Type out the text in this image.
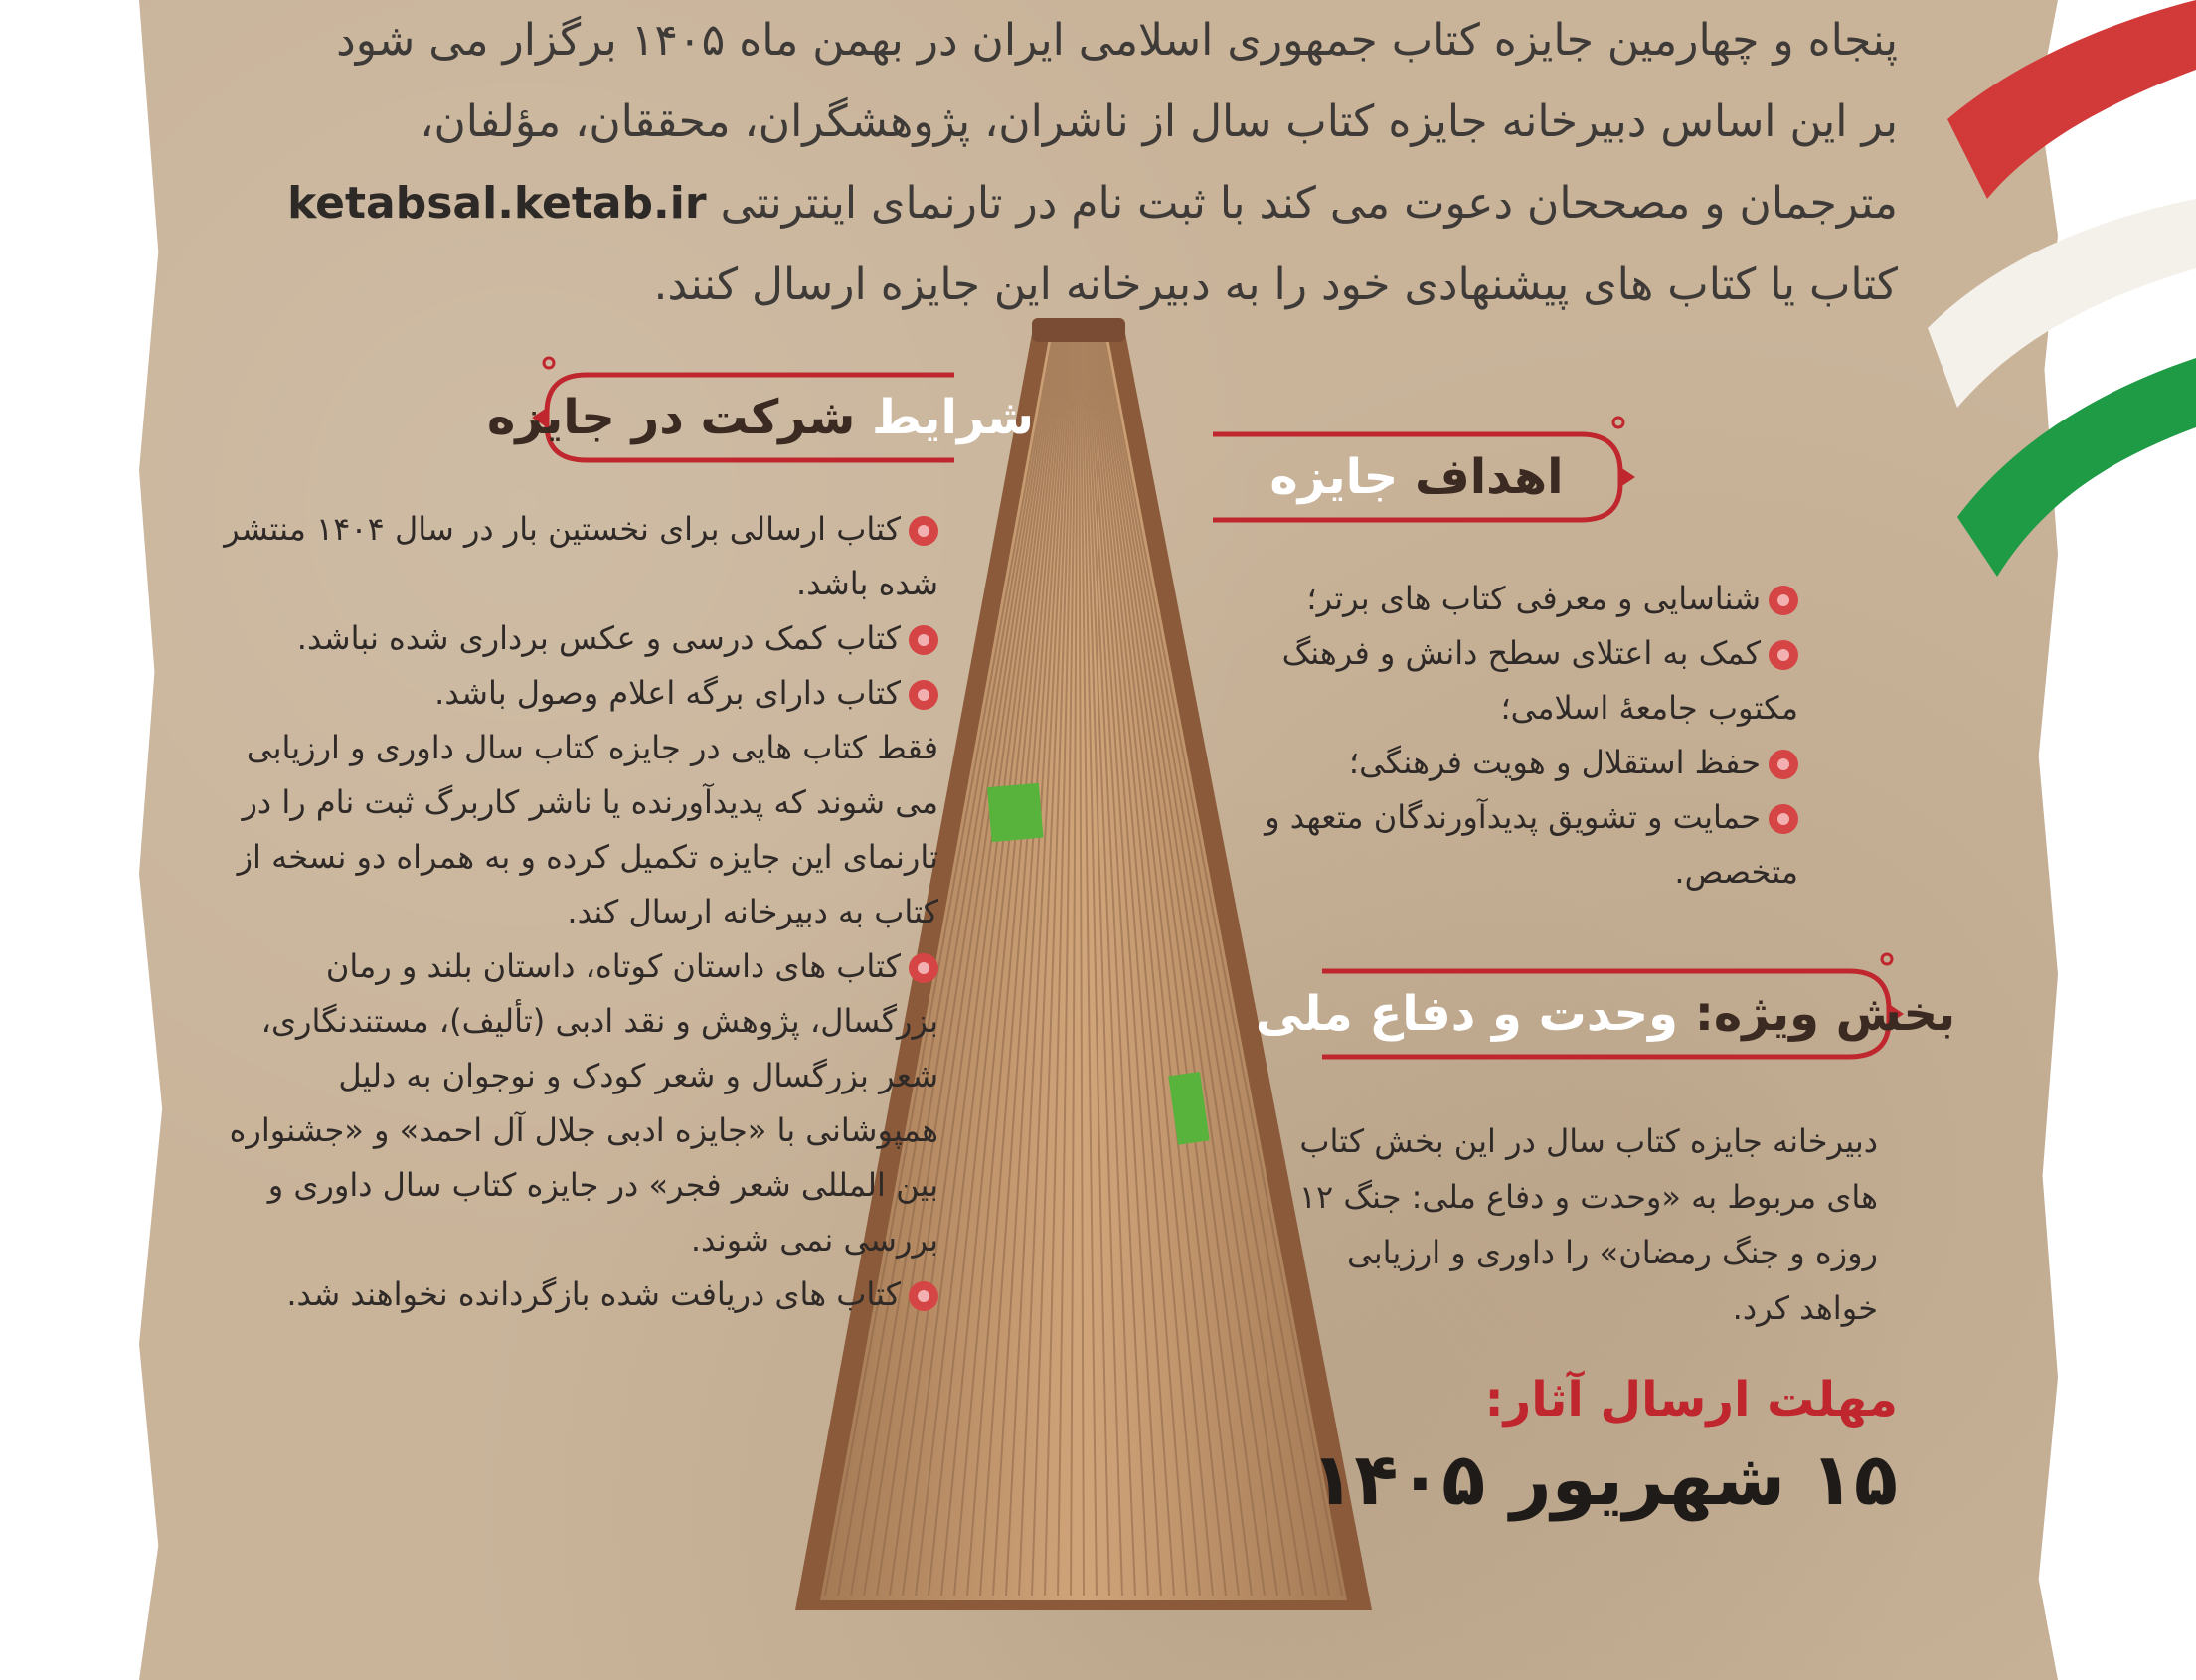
پنجاه و چهارمین جایزه کتاب جمهوری اسلامی ایران در بهمن ماه ۱۴۰۵ برگزار می شود

بر این اساس دبیرخانه جایزه کتاب سال از ناشران، پژوهشگران، محققان، مؤلفان،

مترجمان و مصححان دعوت می کند با ثبت نام در تارنمای اینترنتی ketabsal.ketab.ir

کتاب یا کتاب های پیشنهادی خود را به دبیرخانه این جایزه ارسال کنند.

شرایط

شرکت در جایزه
کتاب ارسالی برای نخستین بار در سال ۱۴۰۴ منتشر شده باشد.
کتاب کمک درسی و عکس برداری شده نباشد.
کتاب دارای برگه اعلام وصول باشد.
فقط کتاب هایی در جایزه کتاب سال داوری و ارزیابی می شوند که پدیدآورنده یا ناشر کاربرگ ثبت نام را در تارنمای این جایزه تکمیل کرده و به همراه دو نسخه از کتاب به دبیرخانه ارسال کند.
کتاب های داستان کوتاه، داستان بلند و رمان بزرگسال، پژوهش و نقد ادبی (تألیف)، مستندنگاری، شعر بزرگسال و شعر کودک و نوجوان به دلیل همپوشانی با «جایزه ادبی جلال آل احمد» و «جشنواره بین المللی شعر فجر» در جایزه کتاب سال داوری و بررسی نمی شوند.
کتاب های دریافت شده بازگردانده نخواهند شد.
اهداف

جایزه
شناسایی و معرفی کتاب های برتر؛
کمک به اعتلای سطح دانش و فرهنگ مکتوب جامعهٔ اسلامی؛
حفظ استقلال و هویت فرهنگی؛
حمایت و تشویق پدیدآورندگان متعهد و متخصص.
بخش ویژه:

وحدت و دفاع ملی
دبیرخانه جایزه کتاب سال در این بخش کتاب های مربوط به «وحدت و دفاع ملی: جنگ ۱۲ روزه و جنگ رمضان» را داوری و ارزیابی خواهد کرد.
مهلت ارسال آثار:
۱۵ شهریور ۱۴۰۵
